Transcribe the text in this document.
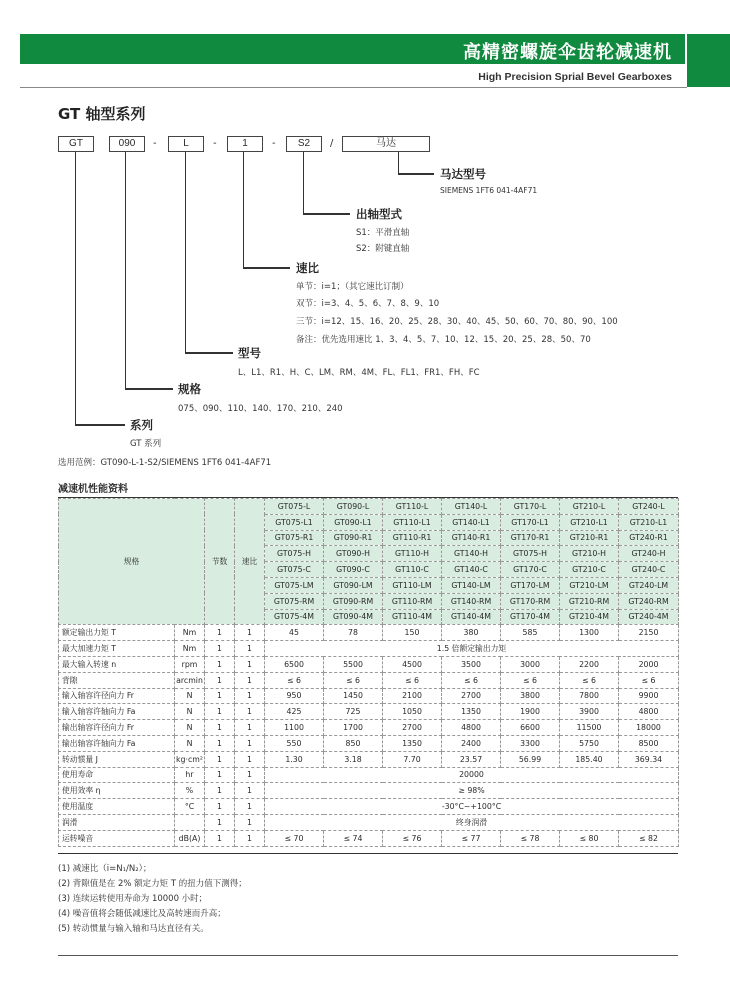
高精密螺旋伞齿轮减速机
High Precision Sprial Bevel Gearboxes
GT 轴型系列
GT	090	-	L	-	1	-	S2	/	马达
马达型号
SIEMENS 1FT6 041-4AF71
出轴型式
S1：平滑直轴
S2：附键直轴
速比
单节：i=1；（其它速比订制）
双节：i=3、4、5、6、7、8、9、10
三节：i=12、15、16、20、25、28、30、40、45、50、60、70、80、90、100
备注：优先选用速比 1、3、4、5、7、10、12、15、20、25、28、50、70
型号
L、L1、R1、H、C、LM、RM、4M、FL、FL1、FR1、FH、FC
规格
075、090、110、140、170、210、240
系列
GT 系列
选用范例：GT090-L-1-S2/SIEMENS 1FT6 041-4AF71
减速机性能资料
规格		节数	速比	GT075-L	GT090-L	GT110-L	GT140-L	GT170-L	GT210-L	GT240-L
				GT075-L1	GT090-L1	GT110-L1	GT140-L1	GT170-L1	GT210-L1	GT210-L1
				GT075-R1	GT090-R1	GT110-R1	GT140-R1	GT170-R1	GT210-R1	GT240-R1
				GT075-H	GT090-H	GT110-H	GT140-H	GT075-H	GT210-H	GT240-H
				GT075-C	GT090-C	GT110-C	GT140-C	GT170-C	GT210-C	GT240-C
				GT075-LM	GT090-LM	GT110-LM	GT140-LM	GT170-LM	GT210-LM	GT240-LM
				GT075-RM	GT090-RM	GT110-RM	GT140-RM	GT170-RM	GT210-RM	GT240-RM
				GT075-4M	GT090-4M	GT110-4M	GT140-4M	GT170-4M	GT210-4M	GT240-4M
额定输出力矩 T	Nm	1	1	45	78	150	380	585	1300	2150
最大加速力矩 T	Nm	1	1	1.5 倍额定输出力矩						
最大输入转速 n	rpm	1	1	6500	5500	4500	3500	3000	2200	2000
背隙	arcmin	1	1	≤ 6	≤ 6	≤ 6	≤ 6	≤ 6	≤ 6	≤ 6
输入轴容许径向力 Fr	N	1	1	950	1450	2100	2700	3800	7800	9900
输入轴容许轴向力 Fa	N	1	1	425	725	1050	1350	1900	3900	4800
输出轴容许径向力 Fr	N	1	1	1100	1700	2700	4800	6600	11500	18000
输出轴容许轴向力 Fa	N	1	1	550	850	1350	2400	3300	5750	8500
转动惯量 J	kg·cm²	1	1	1.30	3.18	7.70	23.57	56.99	185.40	369.34
使用寿命	hr	1	1	20000						
使用效率 η	%	1	1	≥ 98%						
使用温度	°C	1	1	-30°C~+100°C						
润滑		1	1	终身润滑						
运转噪音	dB(A)	1	1	≤ 70	≤ 74	≤ 76	≤ 77	≤ 78	≤ 80	≤ 82
(1) 减速比（i=N₁/N₂）；
(2) 背隙值是在 2% 额定力矩 T 的扭力值下测得；
(3) 连续运转使用寿命为 10000 小时；
(4) 噪音值将会随低减速比及高转速而升高；
(5) 转动惯量与输入轴和马达直径有关。
